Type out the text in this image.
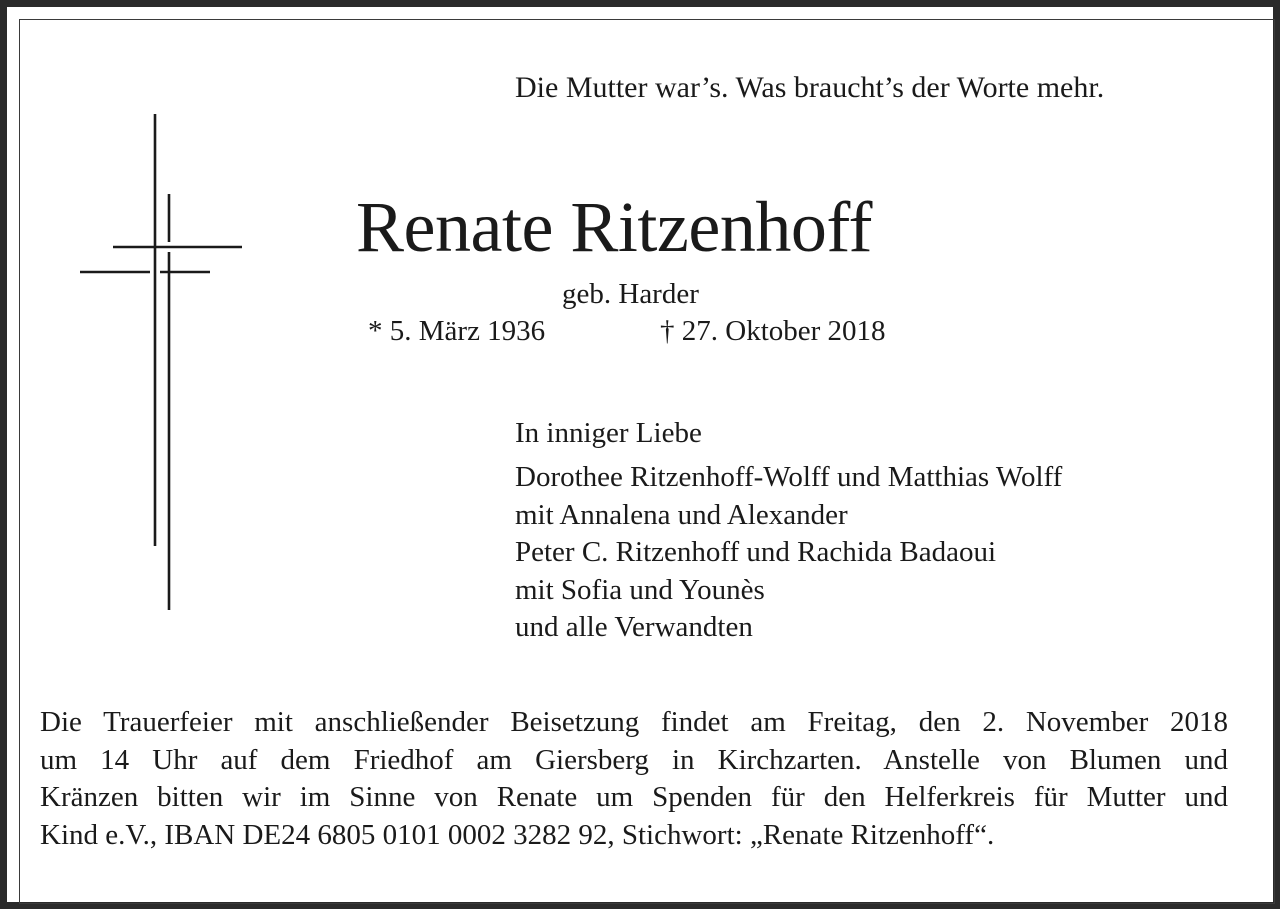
Die Mutter war’s. Was braucht’s der Worte mehr.
Renate Ritzenhoff
geb. Harder
* 5. März 1936	† 27. Oktober 2018
In inniger Liebe
Dorothee Ritzenhoff-Wolff und Matthias Wolff
mit Annalena und Alexander
Peter C. Ritzenhoff und Rachida Badaoui
mit Sofia und Younès
und alle Verwandten
Die Trauerfeier mit anschließender Beisetzung findet am Freitag, den 2. November 2018
um 14 Uhr auf dem Friedhof am Giersberg in Kirchzarten. Anstelle von Blumen und
Kränzen bitten wir im Sinne von Renate um Spenden für den Helferkreis für Mutter und
Kind e.V., IBAN DE24 6805 0101 0002 3282 92, Stichwort: „Renate Ritzenhoff“.
